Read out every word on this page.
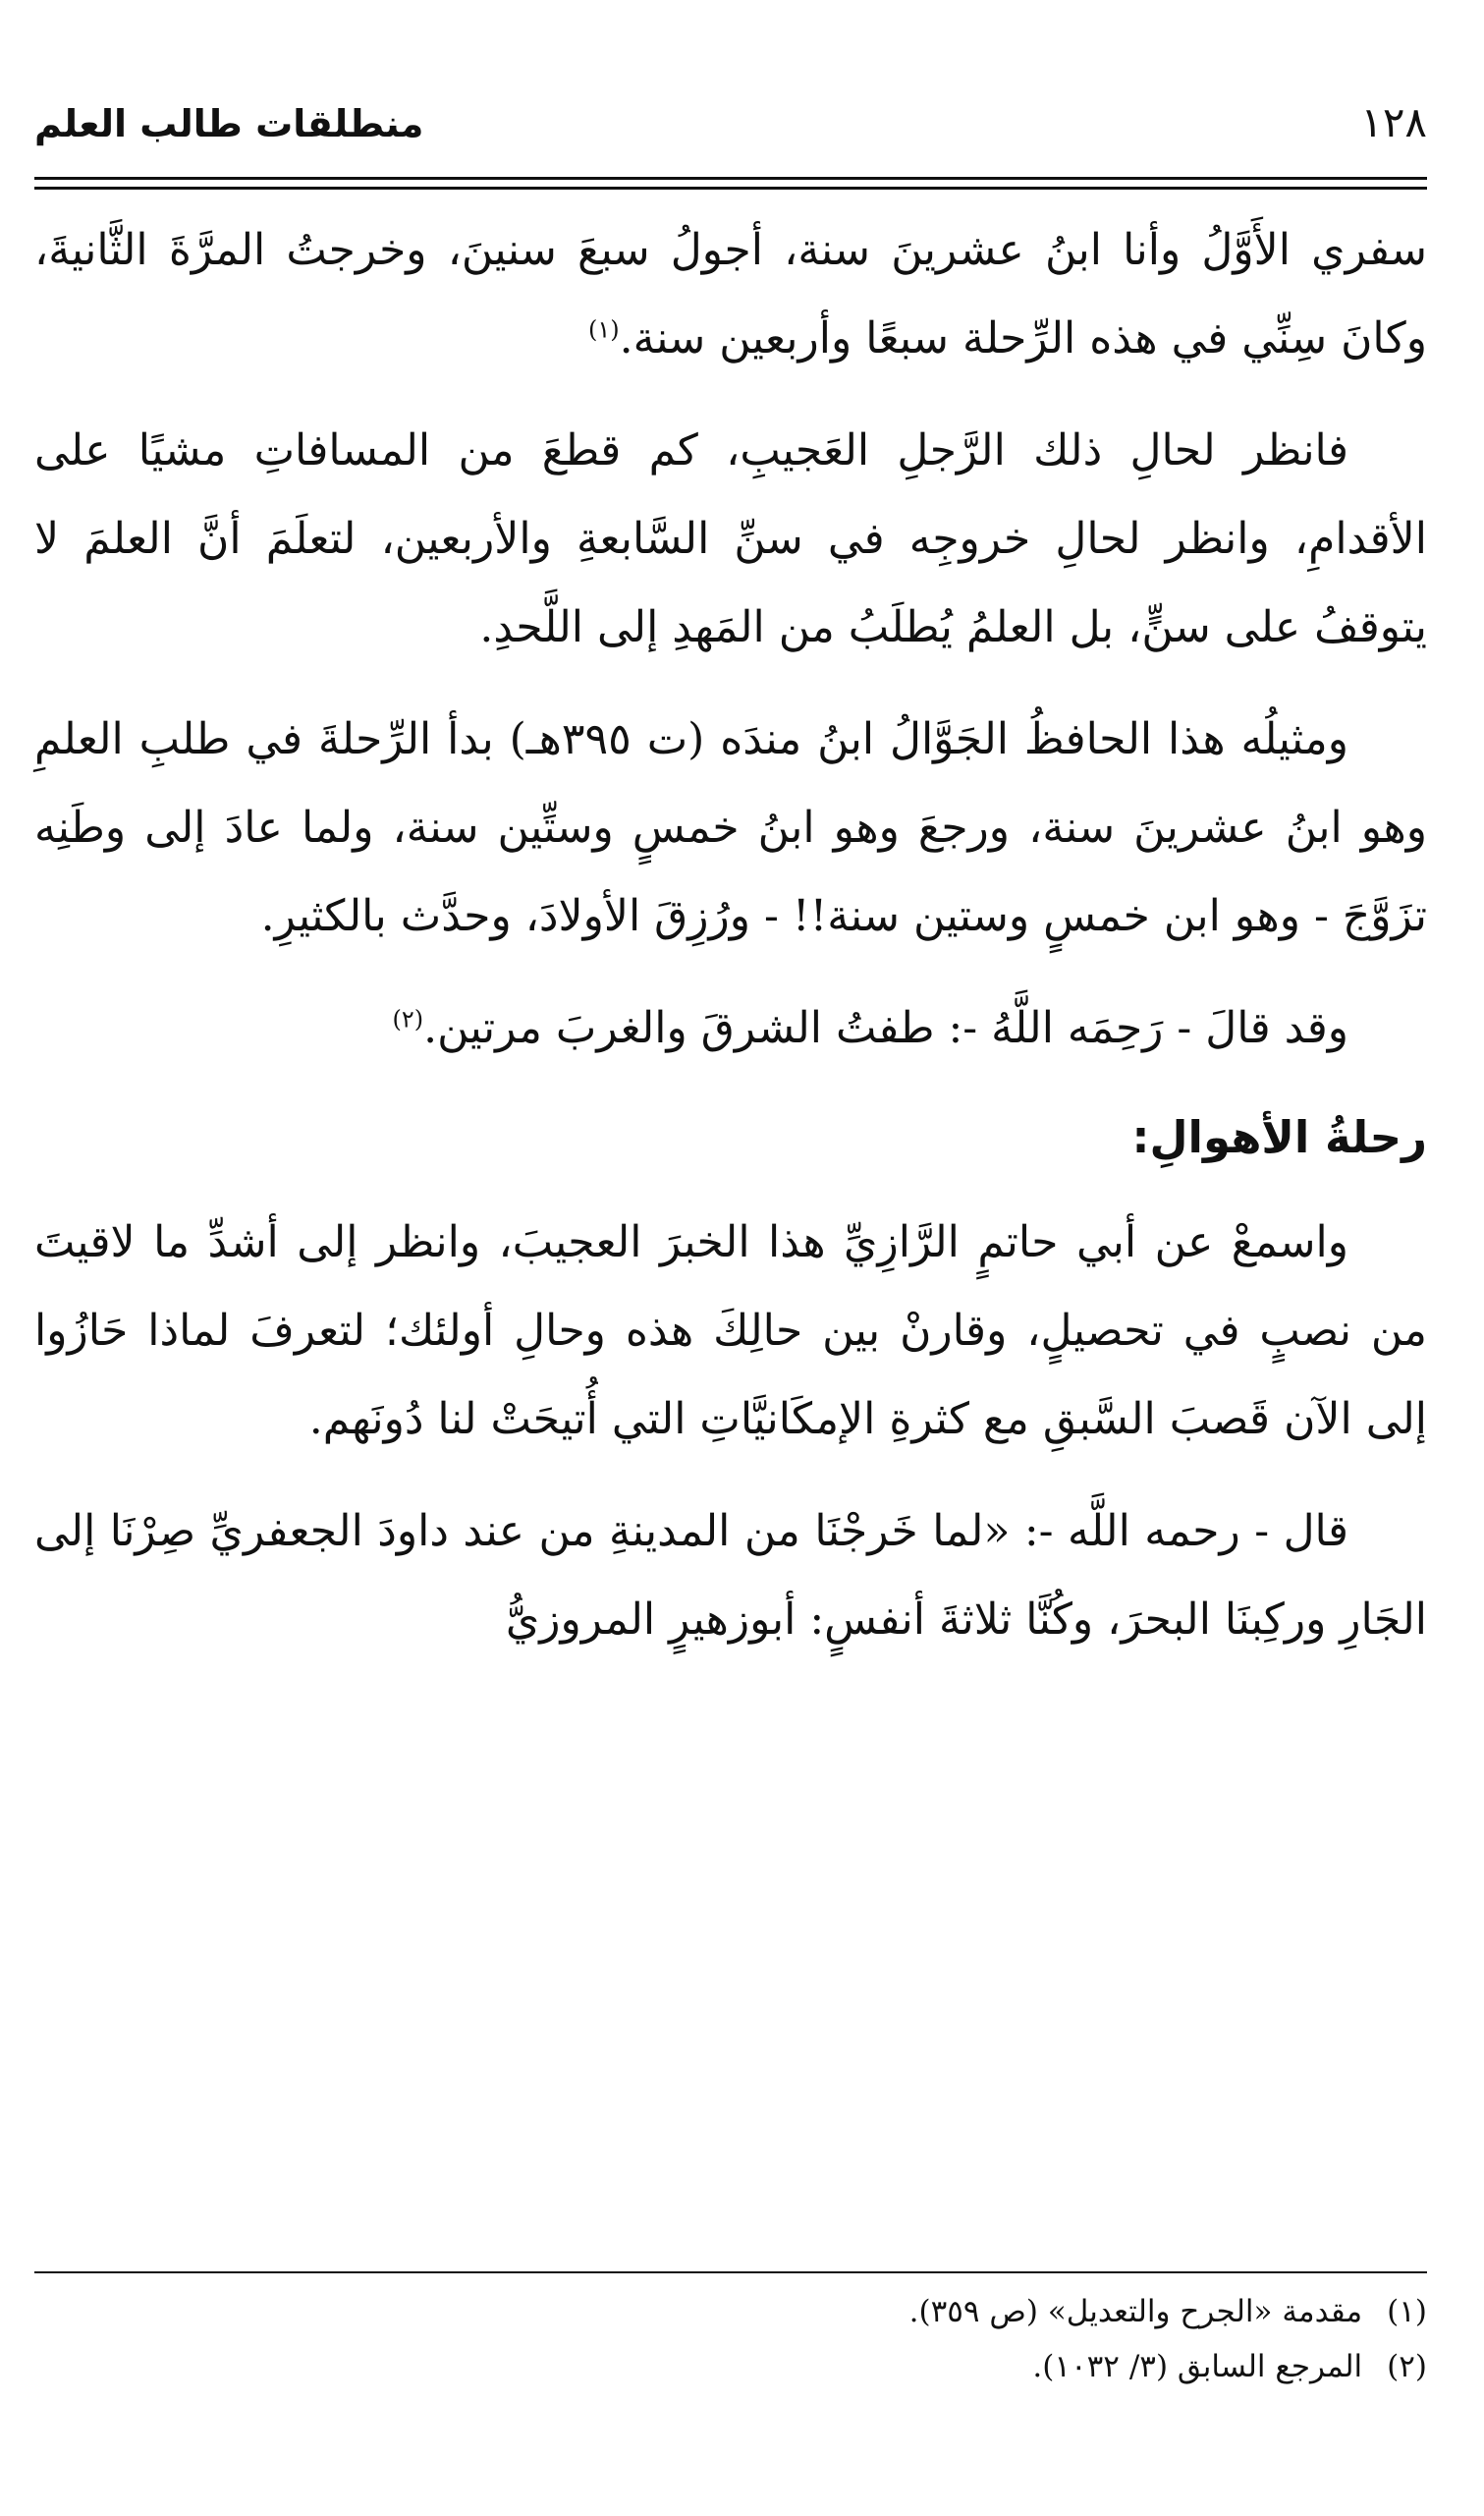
١٢٨
منطلقات طالب العلم

سفري الأَوَّلُ وأنا ابنُ عشرينَ سنة، أجولُ سبعَ سنينَ، وخرجتُ المرَّةَ الثَّانيةَ، وكانَ سِنِّي في هذه الرِّحلة سبعًا وأربعين سنة.$^{(١)}$

فانظر لحالِ ذلك الرَّجلِ العَجيبِ، كم قطعَ من المسافاتِ مشيًا على الأقدامِ، وانظر لحالِ خروجِه في سنِّ السَّابعةِ والأربعين، لتعلَمَ أنَّ العلمَ لا يتوقفُ على سنٍّ، بل العلمُ يُطلَبُ من المَهدِ إلى اللَّحدِ.

ومثيلُه هذا الحافظُ الجَوَّالُ ابنُ مندَه (ت ٣٩٥هـ) بدأ الرِّحلةَ في طلبِ العلمِ وهو ابنُ عشرينَ سنة، ورجعَ وهو ابنُ خمسٍ وستِّين سنة، ولما عادَ إلى وطَنِه تزَوَّجَ - وهو ابن خمسٍ وستين سنة!! - ورُزِقَ الأولادَ، وحدَّث بالكثيرِ.

وقد قالَ - رَحِمَه اللَّهُ -: طفتُ الشرقَ والغربَ مرتين.$^{(٢)}$

رحلةُ الأهوالِ:

واسمعْ عن أبي حاتمٍ الرَّازِيِّ هذا الخبرَ العجيبَ، وانظر إلى أشدِّ ما لاقيتَ من نصبٍ في تحصيلٍ، وقارنْ بين حالِكَ هذه وحالِ أولئك؛ لتعرفَ لماذا حَازُوا إلى الآن قَصبَ السَّبقِ مع كثرةِ الإمكَانيَّاتِ التي أُتيحَتْ لنا دُونَهم.

قال - رحمه اللَّه -: «لما خَرجْنَا من المدينةِ من عند داودَ الجعفريِّ صِرْنَا إلى الجَارِ وركِبنَا البحرَ، وكُنَّا ثلاثةَ أنفسٍ: أبوزهيرٍ المروزيُّ

(١) مقدمة «الجرح والتعديل» (ص ٣٥٩).

(٢) المرجع السابق (٣/ ١٠٣٢).
